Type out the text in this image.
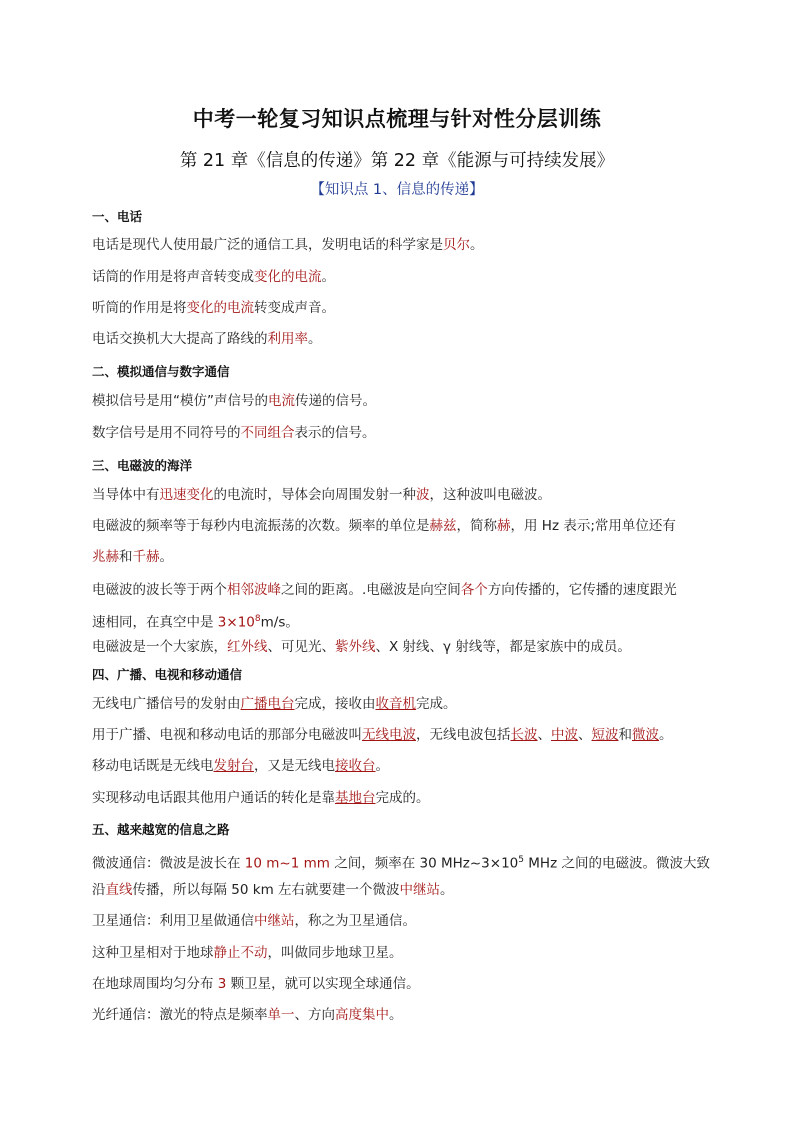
中考一轮复习知识点梳理与针对性分层训练
第 21 章《信息的传递》第 22 章《能源与可持续发展》
【知识点 1、信息的传递】
一、电话
电话是现代人使用最广泛的通信工具，发明电话的科学家是贝尔。
话筒的作用是将声音转变成变化的电流。
听筒的作用是将变化的电流转变成声音。
电话交换机大大提高了路线的利用率。
二、模拟通信与数字通信
模拟信号是用“模仿”声信号的电流传递的信号。
数字信号是用不同符号的不同组合表示的信号。
三、电磁波的海洋
当导体中有迅速变化的电流时，导体会向周围发射一种波，这种波叫电磁波。
电磁波的频率等于每秒内电流振荡的次数。频率的单位是赫兹，简称赫，用 Hz 表示;常用单位还有
兆赫和千赫。
电磁波的波长等于两个相邻波峰之间的距离。.电磁波是向空间各个方向传播的，它传播的速度跟光
速相同，在真空中是 $3\times 10^8m/s$。
电磁波是一个大家族，红外线、可见光、紫外线、X 射线、γ 射线等，都是家族中的成员。
四、广播、电视和移动通信
无线电广播信号的发射由广播电台完成，接收由收音机完成。
用于广播、电视和移动电话的那部分电磁波叫无线电波，无线电波包括长波、中波、短波和微波。
移动电话既是无线电发射台，又是无线电接收台。
实现移动电话跟其他用户通话的转化是靠基地台完成的。
五、越来越宽的信息之路
微波通信：微波是波长在 10 m~1 mm 之间，频率在 30 $MHz\sim 3\times 10^5$ MHz 之间的电磁波。微波大致
沿直线传播，所以每隔 50 km 左右就要建一个微波中继站。
卫星通信：利用卫星做通信中继站，称之为卫星通信。
这种卫星相对于地球静止不动，叫做同步地球卫星。
在地球周围均匀分布 3 颗卫星，就可以实现全球通信。
光纤通信：激光的特点是频率单一、方向高度集中。
